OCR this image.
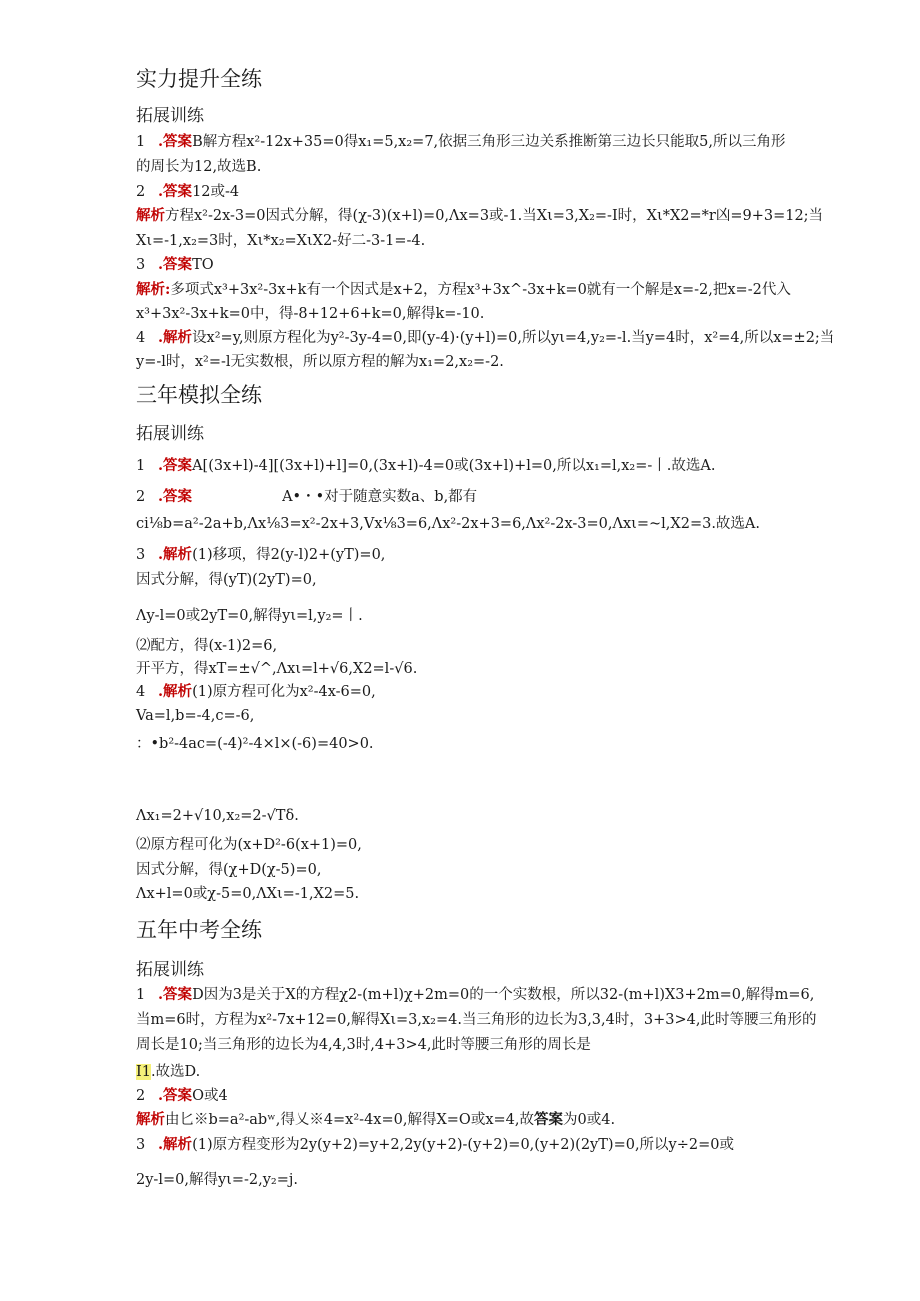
实力提升全练
拓展训练
1 .答案B解方程x²-12x+35=0得x₁=5,x₂=7,依据三角形三边关系推断第三边长只能取5,所以三角形
的周长为12,故选B.
2 .答案12或-4
解析方程x²-2x-3=0因式分解，得(χ-3)(x+l)=0,Λx=3或-1.当Xι=3,X₂=-I时，Xι*X2=*r凶=9+3=12;当
Xι=-1,x₂=3时，Xι*x₂=XιX2-好二-3-1=-4.
3 .答案TO
解析:多项式x³+3x²-3x+k有一个因式是x+2，方程x³+3x^-3x+k=0就有一个解是x=-2,把x=-2代入
x³+3x²-3x+k=0中，得-8+12+6+k=0,解得k=-10.
4 .解析设x²=y,则原方程化为y²-3y-4=0,即(y-4)·(y+l)=0,所以yι=4,y₂=-l.当y=4时，x²=4,所以x=±2;当
y=-l时，x²=-l无实数根，所以原方程的解为x₁=2,x₂=-2.
三年模拟全练
拓展训练
1 .答案A[(3x+l)-4][(3x+l)+l]=0,(3x+l)-4=0或(3x+l)+l=0,所以x₁=l,x₂=-丨.故选A.
2 .答案	A•・•对于随意实数a、b,都有
ci⅛b=a²-2a+b,Λx⅛3=x²-2x+3,Vx⅛3=6,Λx²-2x+3=6,Λx²-2x-3=0,Λxι=~l,X2=3.故选A.
3 .解析(1)移项，得2(y-l)2+(yT)=0,
因式分解，得(yT)(2yT)=0,
Λy-l=0或2yT=0,解得yι=l,y₂=丨.
⑵配方，得(x-1)2=6,
开平方，得xT=±√^,Λxι=l+√6,X2=l-√6.
4 .解析(1)原方程可化为x²-4x-6=0,
Va=l,b=-4,c=-6,
：•b²-4ac=(-4)²-4×l×(-6)=40>0.
Λx₁=2+√10,x₂=2-√Tδ.
⑵原方程可化为(x+D²-6(x+1)=0,
因式分解，得(χ+D(χ-5)=0,
Λx+l=0或χ-5=0,ΛXι=-1,X2=5.
五年中考全练
拓展训练
1 .答案D因为3是关于X的方程χ2-(m+l)χ+2m=0的一个实数根，所以32-(m+l)X3+2m=0,解得m=6,
当m=6时，方程为x²-7x+12=0,解得Xι=3,x₂=4.当三角形的边长为3,3,4时，3+3>4,此时等腰三角形的
周长是10;当三角形的边长为4,4,3时,4+3>4,此时等腰三角形的周长是
I1.故选D.
2 .答案O或4
解析由匕※b=a²-abʷ,得乂※4=x²-4x=0,解得X=O或x=4,故答案为0或4.
3 .解析(1)原方程变形为2y(y+2)=y+2,2y(y+2)-(y+2)=0,(y+2)(2yT)=0,所以y÷2=0或
2y-l=0,解得yι=-2,y₂=j.
